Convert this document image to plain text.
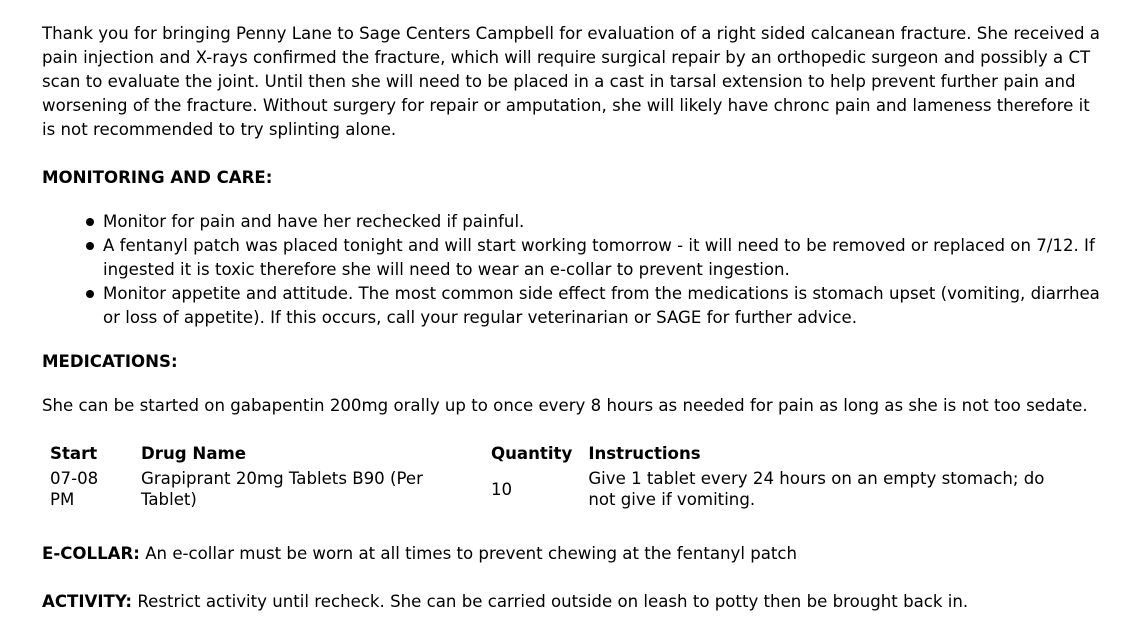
Thank you for bringing Penny Lane to Sage Centers Campbell for evaluation of a right sided calcanean fracture. She received a pain injection and X-rays confirmed the fracture, which will require surgical repair by an orthopedic surgeon and possibly a CT scan to evaluate the joint. Until then she will need to be placed in a cast in tarsal extension to help prevent further pain and worsening of the fracture. Without surgery for repair or amputation, she will likely have chronc pain and lameness therefore it is not recommended to try splinting alone.

MONITORING AND CARE:

Monitor for pain and have her rechecked if painful.
A fentanyl patch was placed tonight and will start working tomorrow - it will need to be removed or replaced on 7/12. If ingested it is toxic therefore she will need to wear an e-collar to prevent ingestion.
Monitor appetite and attitude. The most common side effect from the medications is stomach upset (vomiting, diarrhea or loss of appetite). If this occurs, call your regular veterinarian or SAGE for further advice.

MEDICATIONS:

She can be started on gabapentin 200mg orally up to once every 8 hours as needed for pain as long as she is not too sedate.

Start	Drug Name	Quantity	Instructions
07-08 PM	Grapiprant 20mg Tablets B90 (Per Tablet)	10	Give 1 tablet every 24 hours on an empty stomach; do not give if vomiting.

E-COLLAR: An e-collar must be worn at all times to prevent chewing at the fentanyl patch

ACTIVITY: Restrict activity until recheck. She can be carried outside on leash to potty then be brought back in.
